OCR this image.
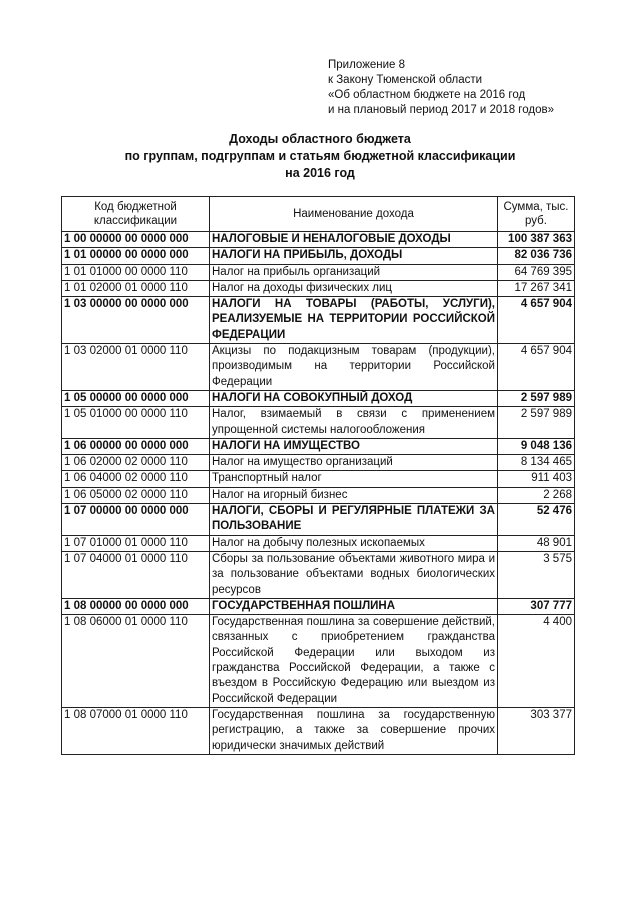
Приложение 8
к Закону Тюменской области
«Об областном бюджете на 2016 год
и на плановый период 2017 и 2018 годов»
Доходы областного бюджета
по группам, подгруппам и статьям бюджетной классификации
на 2016 год
Код бюджетной классификации	Наименование дохода	Сумма, тыс. руб.
1 00 00000 00 0000 000	НАЛОГОВЫЕ И НЕНАЛОГОВЫЕ ДОХОДЫ	100 387 363
1 01 00000 00 0000 000	НАЛОГИ НА ПРИБЫЛЬ, ДОХОДЫ	82 036 736
1 01 01000 00 0000 110	Налог на прибыль организаций	64 769 395
1 01 02000 01 0000 110	Налог на доходы физических лиц	17 267 341
1 03 00000 00 0000 000	НАЛОГИ НА ТОВАРЫ (РАБОТЫ, УСЛУГИ), РЕАЛИЗУЕМЫЕ НА ТЕРРИТОРИИ РОССИЙСКОЙ ФЕДЕРАЦИИ	4 657 904
1 03 02000 01 0000 110	Акцизы по подакцизным товарам (продукции), производимым на территории Российской Федерации	4 657 904
1 05 00000 00 0000 000	НАЛОГИ НА СОВОКУПНЫЙ ДОХОД	2 597 989
1 05 01000 00 0000 110	Налог, взимаемый в связи с применением упрощенной системы налогообложения	2 597 989
1 06 00000 00 0000 000	НАЛОГИ НА ИМУЩЕСТВО	9 048 136
1 06 02000 02 0000 110	Налог на имущество организаций	8 134 465
1 06 04000 02 0000 110	Транспортный налог	911 403
1 06 05000 02 0000 110	Налог на игорный бизнес	2 268
1 07 00000 00 0000 000	НАЛОГИ, СБОРЫ И РЕГУЛЯРНЫЕ ПЛАТЕЖИ ЗА ПОЛЬЗОВАНИЕ	52 476
1 07 01000 01 0000 110	Налог на добычу полезных ископаемых	48 901
1 07 04000 01 0000 110	Сборы за пользование объектами животного мира и за пользование объектами водных биологических ресурсов	3 575
1 08 00000 00 0000 000	ГОСУДАРСТВЕННАЯ ПОШЛИНА	307 777
1 08 06000 01 0000 110	Государственная пошлина за совершение действий, связанных с приобретением гражданства Российской Федерации или выходом из гражданства Российской Федерации, а также с въездом в Российскую Федерацию или выездом из Российской Федерации	4 400
1 08 07000 01 0000 110	Государственная пошлина за государственную регистрацию, а также за совершение прочих юридически значимых действий	303 377
